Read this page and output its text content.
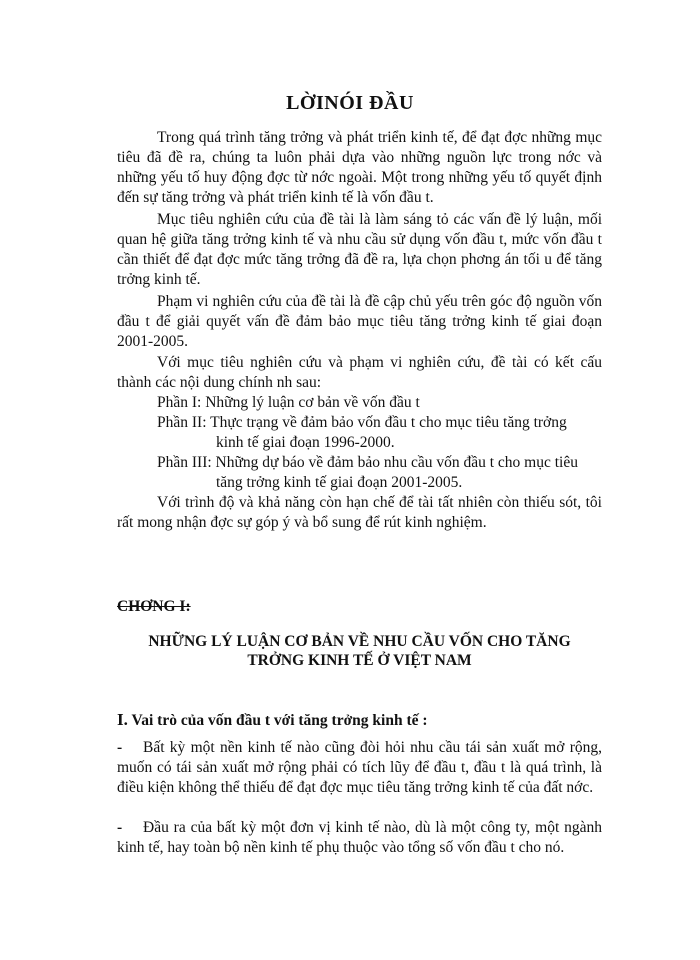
LỜINÓI ĐẦU

Trong quá trình tăng trởng và phát triển kinh tế, để đạt đợc những mục tiêu đã đề ra, chúng ta luôn phải dựa vào những nguồn lực trong nớc và những yếu tố huy động đợc từ nớc ngoài. Một trong những yếu tố quyết định đến sự tăng trởng và phát triển kinh tế là vốn đầu t.

Mục tiêu nghiên cứu của đề tài là làm sáng tỏ các vấn đề lý luận, mối quan hệ giữa tăng trởng kinh tế và nhu cầu sử dụng vốn đầu t, mức vốn đầu t cần thiết để đạt đợc mức tăng trởng đã đề ra, lựa chọn phơng án tối u để tăng trởng kinh tế.

Phạm vi nghiên cứu của đề tài là đề cập chủ yếu trên góc độ nguồn vốn đầu t để giải quyết vấn đề đảm bảo mục tiêu tăng trởng kinh tế giai đoạn 2001-2005.

Với mục tiêu nghiên cứu và phạm vi nghiên cứu, đề tài có kết cấu thành các nội dung chính nh sau:

Phần I: Những lý luận cơ bản về vốn đầu t
Phần II: Thực trạng về đảm bảo vốn đầu t cho mục tiêu tăng trởng
kinh tế giai đoạn 1996-2000.
Phần III: Những dự báo về đảm bảo nhu cầu vốn đầu t cho mục tiêu
tăng trởng kinh tế giai đoạn 2001-2005.

Với trình độ và khả năng còn hạn chế để tài tất nhiên còn thiếu sót, tôi rất mong nhận đợc sự góp ý và bổ sung để rút kinh nghiệm.

CHƠNG I:
NHỮNG LÝ LUẬN CƠ BẢN VỀ NHU CẦU VỐN CHO TĂNG
TRỞNG KINH TẾ Ở VIỆT NAM
I. Vai trò của vốn đầu t với tăng trởng kinh tế :
- Bất kỳ một nền kinh tế nào cũng đòi hỏi nhu cầu tái sản xuất mở rộng, muốn có tái sản xuất mở rộng phải có tích lũy để đầu t, đầu t là quá trình, là điều kiện không thể thiếu để đạt đợc mục tiêu tăng trởng kinh tế của đất nớc.
- Đầu ra của bất kỳ một đơn vị kinh tế nào, dù là một công ty, một ngành kinh tế, hay toàn bộ nền kinh tế phụ thuộc vào tổng số vốn đầu t cho nó.
